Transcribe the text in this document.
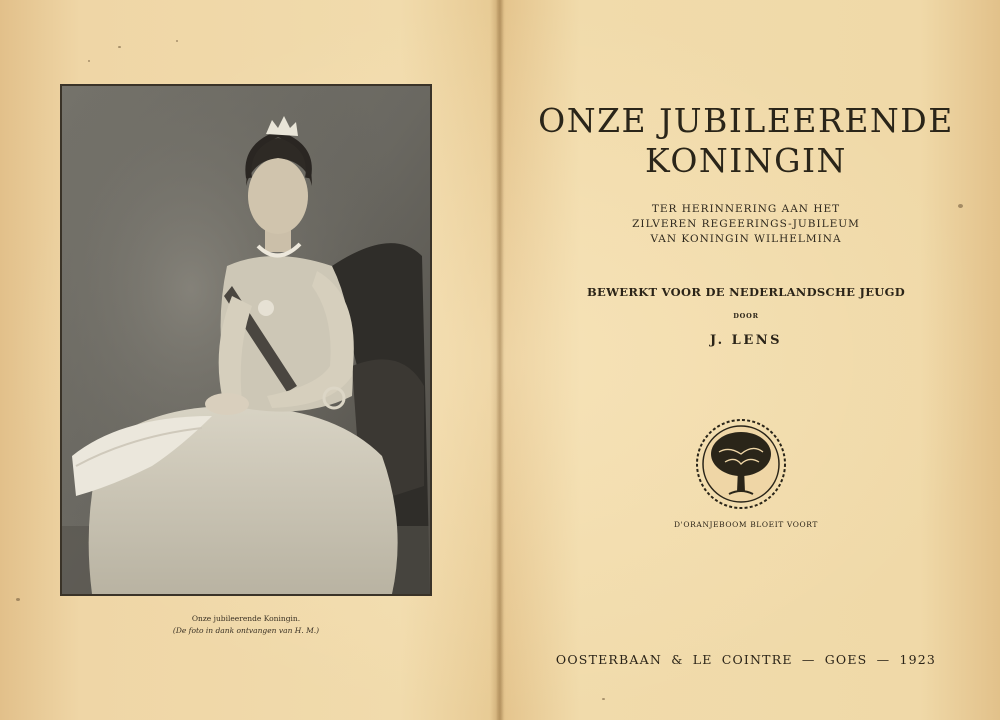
Onze jubileerende Koningin.
(De foto in dank ontvangen van H. M.)
ONZE JUBILEERENDE
KONINGIN
TER HERINNERING AAN HET
ZILVEREN REGEERINGS-JUBILEUM
VAN KONINGIN WILHELMINA
BEWERKT VOOR DE NEDERLANDSCHE JEUGD
DOOR
J. LENS
D'ORANJEBOOM BLOEIT VOORT
OOSTERBAAN & LE COINTRE — GOES — 1923
